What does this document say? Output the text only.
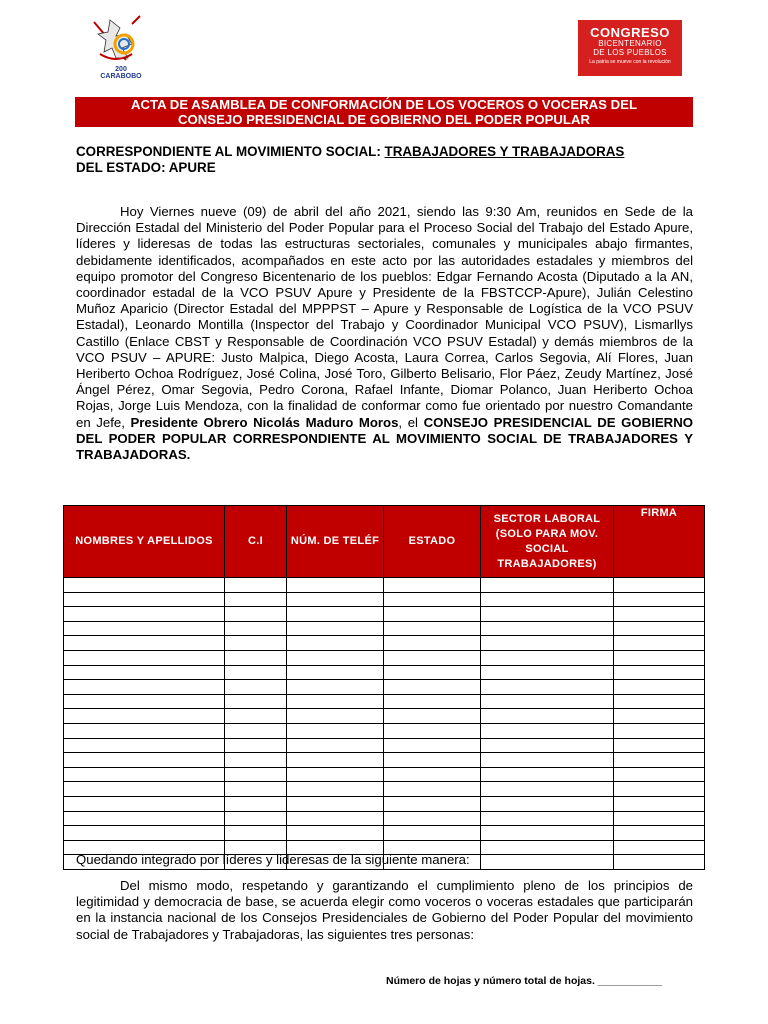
200 CARABOBO
CONGRESO
BICENTENARIO
DE LOS PUEBLOS
La patria se mueve con la revolución
ACTA DE ASAMBLEA DE CONFORMACIÓN DE LOS VOCEROS O VOCERAS DEL
CONSEJO PRESIDENCIAL DE GOBIERNO DEL PODER POPULAR
CORRESPONDIENTE AL MOVIMIENTO SOCIAL: TRABAJADORES Y TRABAJADORAS
DEL ESTADO: APURE
Hoy Viernes nueve (09) de abril del año 2021, siendo las 9:30 Am, reunidos en Sede de la Dirección Estadal del Ministerio del Poder Popular para el Proceso Social del Trabajo del Estado Apure, líderes y lideresas de todas las estructuras sectoriales, comunales y municipales abajo firmantes, debidamente identificados, acompañados en este acto por las autoridades estadales y miembros del equipo promotor del Congreso Bicentenario de los pueblos: Edgar Fernando Acosta (Diputado a la AN, coordinador estadal de la VCO PSUV Apure y Presidente de la FBSTCCP-Apure), Julián Celestino Muñoz Aparicio (Director Estadal del MPPPST – Apure y Responsable de Logística de la VCO PSUV Estadal), Leonardo Montilla (Inspector del Trabajo y Coordinador Municipal VCO PSUV), Lismarllys Castillo (Enlace CBST y Responsable de Coordinación VCO PSUV Estadal) y demás miembros de la VCO PSUV – APURE: Justo Malpica, Diego Acosta, Laura Correa, Carlos Segovia, Alí Flores, Juan Heriberto Ochoa Rodríguez, José Colina, José Toro, Gilberto Belisario, Flor Páez, Zeudy Martínez, José Ángel Pérez, Omar Segovia, Pedro Corona, Rafael Infante, Diomar Polanco, Juan Heriberto Ochoa Rojas, Jorge Luis Mendoza, con la finalidad de conformar como fue orientado por nuestro Comandante en Jefe, Presidente Obrero Nicolás Maduro Moros, el CONSEJO PRESIDENCIAL DE GOBIERNO DEL PODER POPULAR CORRESPONDIENTE AL MOVIMIENTO SOCIAL DE TRABAJADORES Y TRABAJADORAS.
NOMBRES Y APELLIDOS	C.I	NÚM. DE TELÉF	ESTADO	SECTOR LABORAL (SOLO PARA MOV. SOCIAL TRABAJADORES)	FIRMA

Quedando integrado por líderes y lideresas de la siguiente manera:
Del mismo modo, respetando y garantizando el cumplimiento pleno de los principios de legitimidad y democracia de base, se acuerda elegir como voceros o voceras estadales que participarán en la instancia nacional de los Consejos Presidenciales de Gobierno del Poder Popular del movimiento social de Trabajadores y Trabajadoras, las siguientes tres personas:
Número de hojas y número total de hojas. ___________
